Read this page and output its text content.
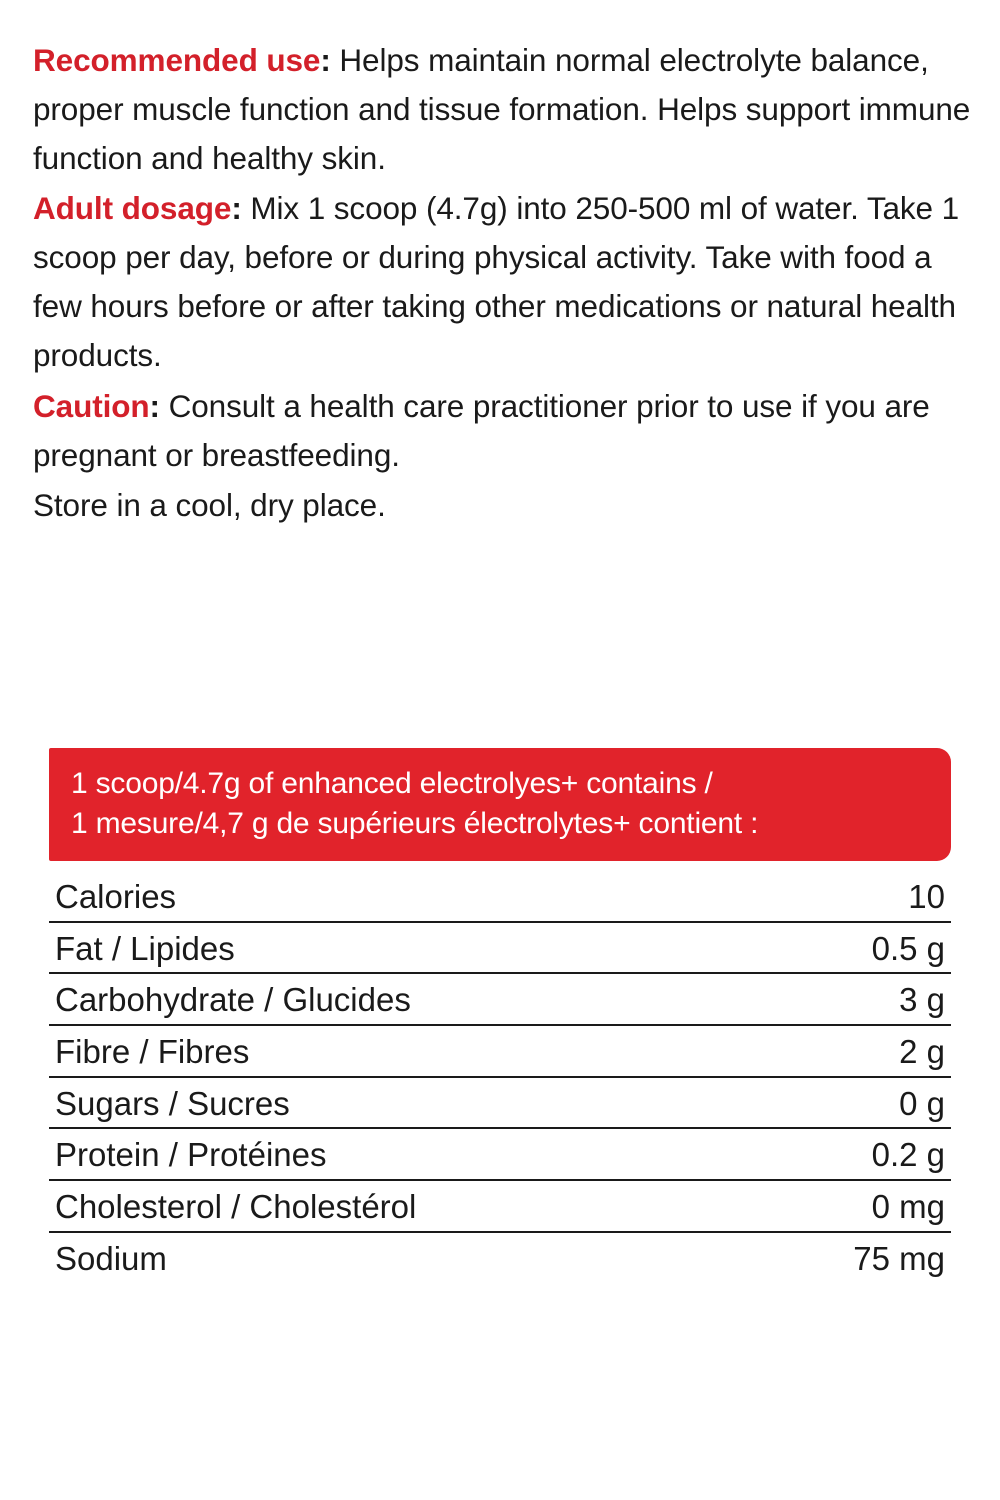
Recommended use: Helps maintain normal electrolyte balance, proper muscle function and tissue formation. Helps support immune function and healthy skin.

Adult dosage: Mix 1 scoop (4.7g) into 250-500 ml of water. Take 1 scoop per day, before or during physical activity. Take with food a few hours before or after taking other medications or natural health products.

Caution: Consult a health care practitioner prior to use if you are pregnant or breastfeeding.

Store in a cool, dry place.

1 scoop/4.7g of enhanced electrolyes+ contains /
1 mesure/4,7 g de supérieurs électrolytes+ contient :
Calories	10
Fat / Lipides	0.5 g
Carbohydrate / Glucides	3 g
Fibre / Fibres	2 g
Sugars / Sucres	0 g
Protein / Protéines	0.2 g
Cholesterol / Cholestérol	0 mg
Sodium	75 mg
